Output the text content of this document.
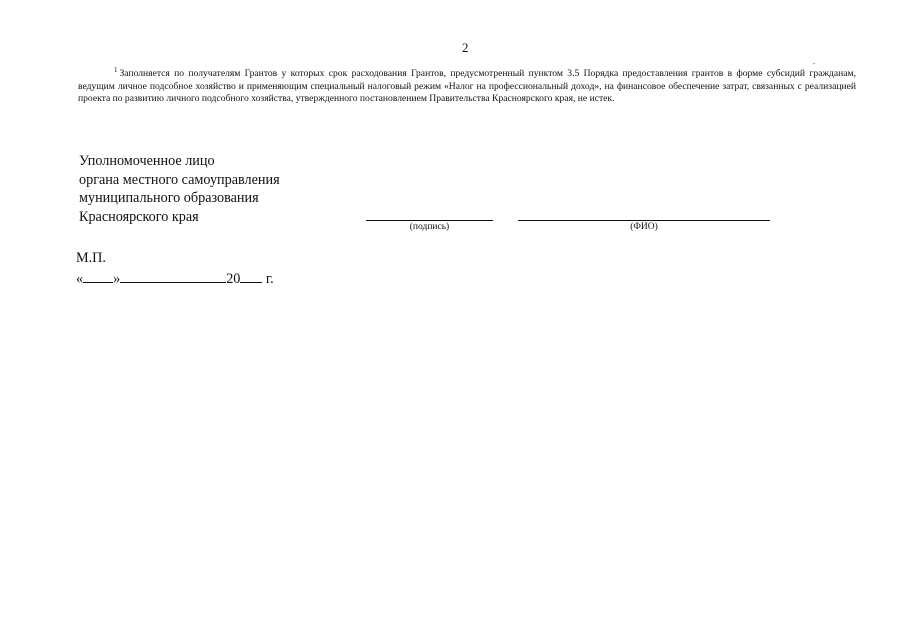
2
.

$^1$ Заполняется по получателям Грантов у которых срок расходования Грантов, предусмотренный пунктом 3.5 Порядка предоставления грантов в форме субсидий гражданам, ведущим личное подсобное хозяйство и применяющим специальный налоговый режим «Налог на профессиональный доход», на финансовое обеспечение затрат, связанных с реализацией проекта по развитию личного подсобного хозяйства, утвержденного постановлением Правительства Красноярского края, не истек.

Уполномоченное лицо
органа местного самоуправления
муниципального образования
Красноярского края
(подпись)	(ФИО)
М.П.
« »	20 г.
